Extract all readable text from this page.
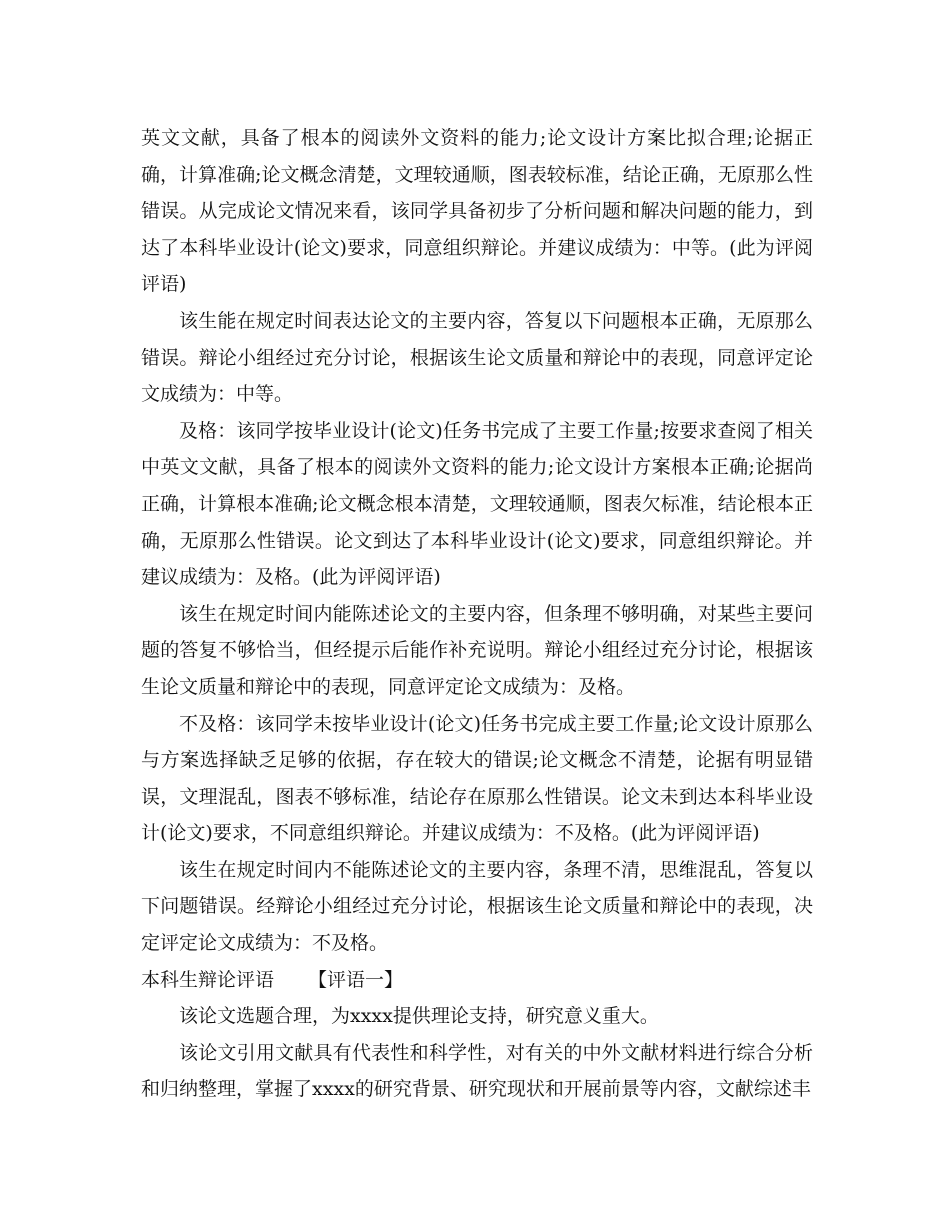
英文文献，具备了根本的阅读外文资料的能力;论文设计方案比拟合理;论据正确，计算准确;论文概念清楚，文理较通顺，图表较标准，结论正确，无原那么性错误。从完成论文情况来看，该同学具备初步了分析问题和解决问题的能力，到达了本科毕业设计(论文)要求，同意组织辩论。并建议成绩为：中等。(此为评阅评语)

该生能在规定时间表达论文的主要内容，答复以下问题根本正确，无原那么错误。辩论小组经过充分讨论，根据该生论文质量和辩论中的表现，同意评定论文成绩为：中等。

及格：该同学按毕业设计(论文)任务书完成了主要工作量;按要求查阅了相关中英文文献，具备了根本的阅读外文资料的能力;论文设计方案根本正确;论据尚正确，计算根本准确;论文概念根本清楚，文理较通顺，图表欠标准，结论根本正确，无原那么性错误。论文到达了本科毕业设计(论文)要求，同意组织辩论。并建议成绩为：及格。(此为评阅评语)

该生在规定时间内能陈述论文的主要内容，但条理不够明确，对某些主要问题的答复不够恰当，但经提示后能作补充说明。辩论小组经过充分讨论，根据该生论文质量和辩论中的表现，同意评定论文成绩为：及格。

不及格：该同学未按毕业设计(论文)任务书完成主要工作量;论文设计原那么与方案选择缺乏足够的依据，存在较大的错误;论文概念不清楚，论据有明显错误，文理混乱，图表不够标准，结论存在原那么性错误。论文未到达本科毕业设计(论文)要求，不同意组织辩论。并建议成绩为：不及格。(此为评阅评语)

该生在规定时间内不能陈述论文的主要内容，条理不清，思维混乱，答复以下问题错误。经辩论小组经过充分讨论，根据该生论文质量和辩论中的表现，决定评定论文成绩为：不及格。

本科生辩论评语 【评语一】

该论文选题合理，为xxxx提供理论支持，研究意义重大。

该论文引用文献具有代表性和科学性，对有关的中外文献材料进行综合分析和归纳整理，掌握了xxxx的研究背景、研究现状和开展前景等内容，文献综述丰
